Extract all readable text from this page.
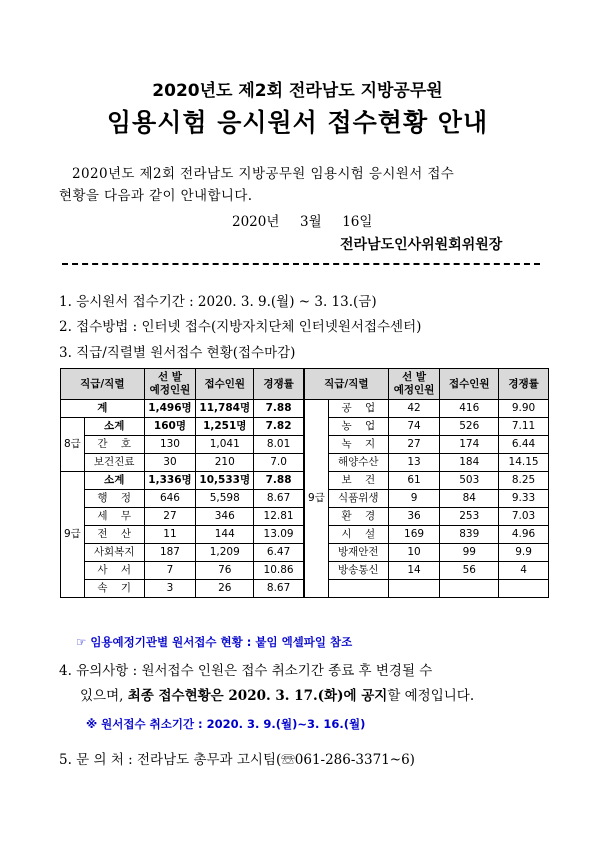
2020년도 제2회 전라남도 지방공무원
임용시험 응시원서 접수현황 안내
2020년도 제2회 전라남도 지방공무원 임용시험 응시원서 접수
현황을 다음과 같이 안내합니다.
2020년  3월  16일
전라남도인사위원회위원장
1. 응시원서 접수기간 : 2020. 3. 9.(월) ~ 3. 13.(금)
2. 접수방법 : 인터넷 접수(지방자치단체 인터넷원서접수센터)
3. 직급/직렬별 원서접수 현황(접수마감)
직급/직렬		선 발
예정인원	접수인원	경쟁률
계		1,496명	11,784명	7.88
8급	소계	160명	1,251명	7.82
	간    호	130	1,041	8.01
	보건진료	30	210	7.0
9급	소계	1,336명	10,533명	7.88
	행    정	646	5,598	8.67
	세    무	27	346	12.81
	전    산	11	144	13.09
	사회복지	187	1,209	6.47
	사    서	7	76	10.86
	속    기	3	26	8.67
직급/직렬		선 발
예정인원	접수인원	경쟁률
9급	공    업	42	416	9.90
	농    업	74	526	7.11
	녹    지	27	174	6.44
	해양수산	13	184	14.15
	보    건	61	503	8.25
	식품위생	9	84	9.33
	환    경	36	253	7.03
	시    설	169	839	4.96
	방재안전	10	99	9.9
	방송통신	14	56	4

☞ 임용예정기관별 원서접수 현황 : 붙임 엑셀파일 참조
4. 유의사항 : 원서접수 인원은 접수 취소기간 종료 후 변경될 수
있으며, 최종 접수현황은 2020. 3. 17.(화)에 공지할 예정입니다.
※ 원서접수 취소기간 : 2020. 3. 9.(월)~3. 16.(월)
5. 문 의 처 : 전라남도 총무과 고시팀(☏061-286-3371~6)
